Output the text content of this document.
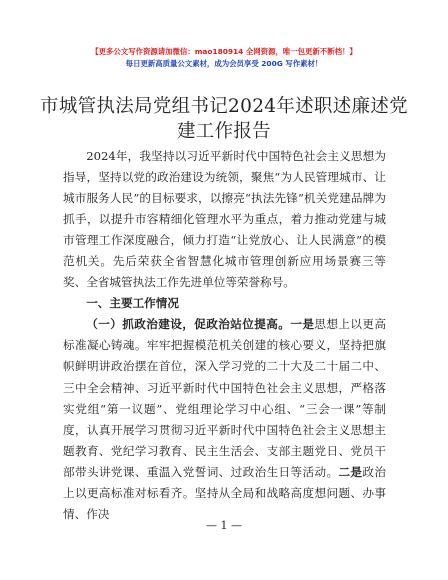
【更多公文写作资源请加微信：mao180914 全网资源，唯一包更新不断档！】
每日更新高质量公文素材，成为会员享受 200G 写作素材！
市城管执法局党组书记2024年述职述廉述党建工作报告

2024年，我坚持以习近平新时代中国特色社会主义思想为指导，坚持以党的政治建设为统领，聚焦“为人民管理城市、让城市服务人民”的目标要求，以擦亮“执法先锋”机关党建品牌为抓手，以提升市容精细化管理水平为重点，着力推动党建与城市管理工作深度融合，倾力打造“让党放心、让人民满意”的模范机关。先后荣获全省智慧化城市管理创新应用场景赛三等奖、全省城管执法工作先进单位等荣誉称号。

一、主要工作情况

（一）抓政治建设，促政治站位提高。一是思想上以更高标准凝心铸魂。牢牢把握模范机关创建的核心要义，坚持把旗帜鲜明讲政治摆在首位，深入学习党的二十大及二十届二中、三中全会精神、习近平新时代中国特色社会主义思想，严格落实党组“第一议题”、党组理论学习中心组、“三会一课”等制度，认真开展学习贯彻习近平新时代中国特色社会主义思想主题教育、党纪学习教育、民主生活会、支部主题党日、党员干部带头讲党课、重温入党誓词、过政治生日等活动。二是政治上以更高标准对标看齐。坚持从全局和战略高度想问题、办事情、作决

— 1 —
